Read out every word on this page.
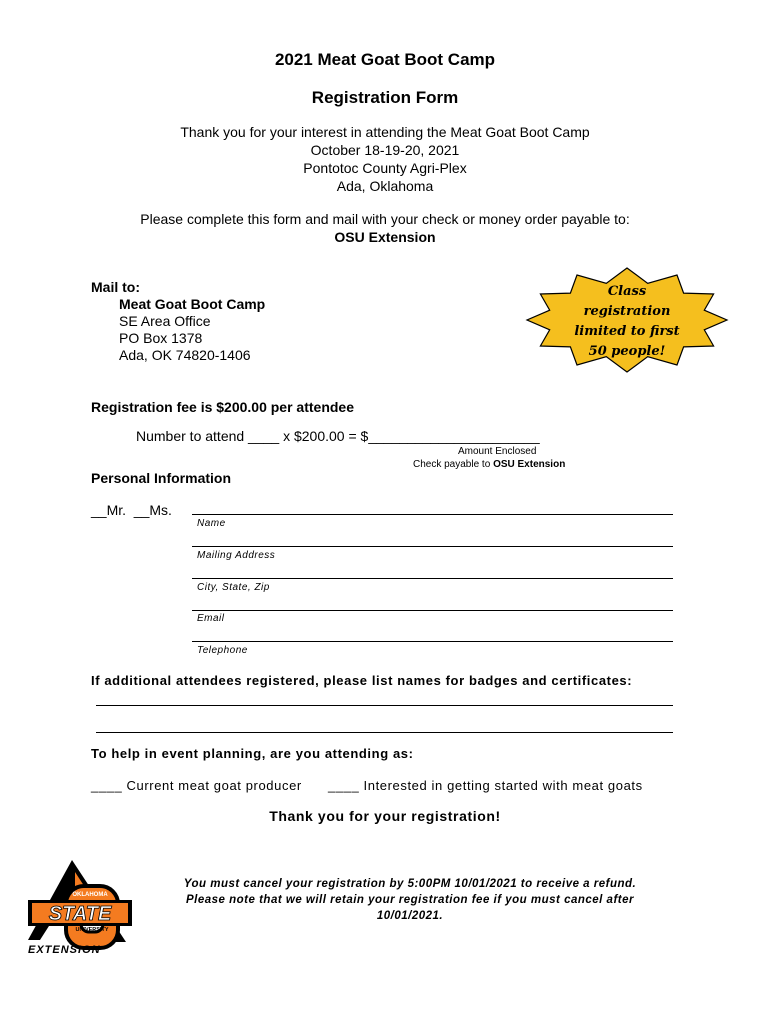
2021 Meat Goat Boot Camp
Registration Form
Thank you for your interest in attending the Meat Goat Boot Camp
October 18-19-20, 2021
Pontotoc County Agri-Plex
Ada, Oklahoma
Please complete this form and mail with your check or money order payable to:
OSU Extension
Mail to:
Meat Goat Boot Camp
SE Area Office
PO Box 1378
Ada, OK 74820-1406
Class
registration
limited to first
50 people!
Registration fee is $200.00 per attendee
Number to attend ____ x $200.00 = $______________________
Amount Enclosed
Check payable to OSU Extension
Personal Information
__Mr.  __Ms.
Name
Mailing Address
City, State, Zip
Email
Telephone
If additional attendees registered, please list names for badges and certificates:
To help in event planning, are you attending as:
____ Current meat goat producer ____ Interested in getting started with meat goats
Thank you for your registration!
OKLAHOMA
STATE
UNIVERSITY
EXTENSION
You must cancel your registration by 5:00PM 10/01/2021 to receive a refund.
Please note that we will retain your registration fee if you must cancel after
10/01/2021.
